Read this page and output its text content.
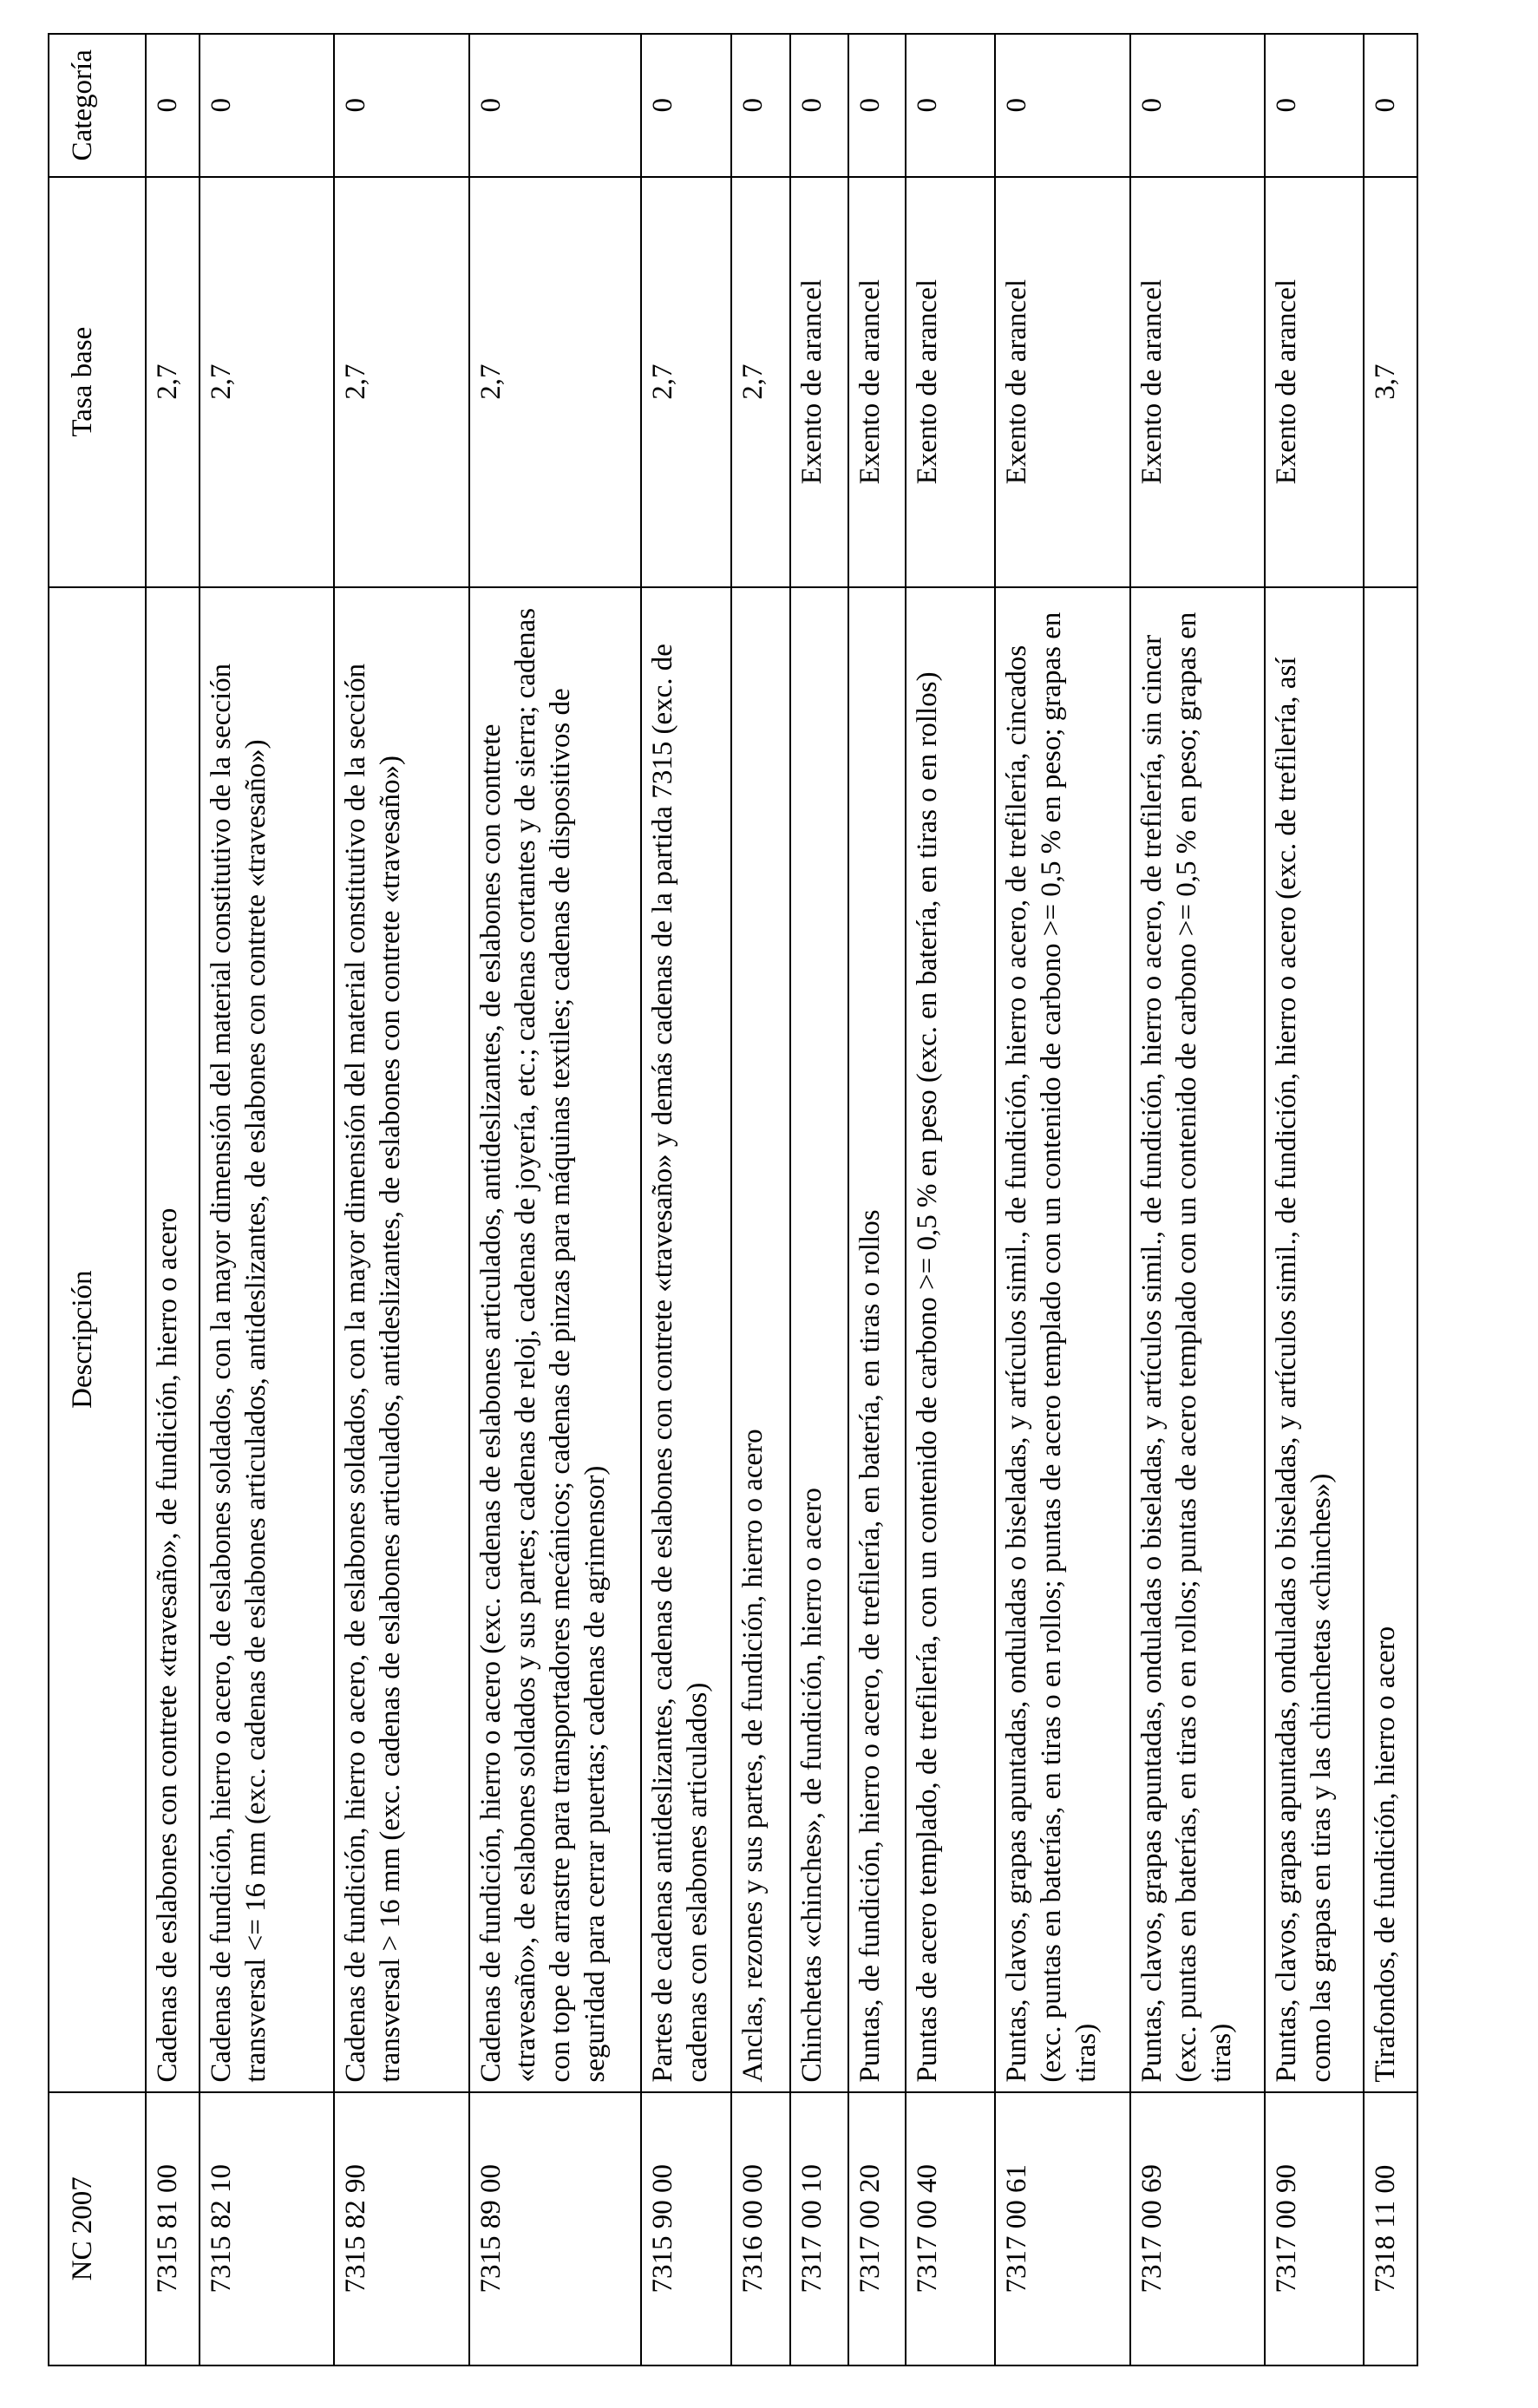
NC 2007	Descripción	Tasa base	Categoría
7315 81 00	Cadenas de eslabones con contrete «travesaño», de fundición, hierro o acero	2,7	0
7315 82 10	Cadenas de fundición, hierro o acero, de eslabones soldados, con la mayor dimensión del material constitutivo de la sección transversal <= 16 mm (exc. cadenas de eslabones articulados, antideslizantes, de eslabones con contrete «travesaño»)	2,7	0
7315 82 90	Cadenas de fundición, hierro o acero, de eslabones soldados, con la mayor dimensión del material constitutivo de la sección transversal > 16 mm (exc. cadenas de eslabones articulados, antideslizantes, de eslabones con contrete «travesaño»)	2,7	0
7315 89 00	Cadenas de fundición, hierro o acero (exc. cadenas de eslabones articulados, antideslizantes, de eslabones con contrete «travesaño», de eslabones soldados y sus partes; cadenas de reloj, cadenas de joyería, etc.; cadenas cortantes y de sierra; cadenas con tope de arrastre para transportadores mecánicos; cadenas de pinzas para máquinas textiles; cadenas de dispositivos de seguridad para cerrar puertas; cadenas de agrimensor)	2,7	0
7315 90 00	Partes de cadenas antideslizantes, cadenas de eslabones con contrete «travesaño» y demás cadenas de la partida 7315 (exc. de cadenas con eslabones articulados)	2,7	0
7316 00 00	Anclas, rezones y sus partes, de fundición, hierro o acero	2,7	0
7317 00 10	Chinchetas «chinches», de fundición, hierro o acero	Exento de arancel	0
7317 00 20	Puntas, de fundición, hierro o acero, de trefilería, en batería, en tiras o rollos	Exento de arancel	0
7317 00 40	Puntas de acero templado, de trefilería, con un contenido de carbono >= 0,5 % en peso (exc. en batería, en tiras o en rollos)	Exento de arancel	0
7317 00 61	Puntas, clavos, grapas apuntadas, onduladas o biseladas, y artículos simil., de fundición, hierro o acero, de trefilería, cincados (exc. puntas en baterías, en tiras o en rollos; puntas de acero templado con un contenido de carbono >= 0,5 % en peso; grapas en tiras)	Exento de arancel	0
7317 00 69	Puntas, clavos, grapas apuntadas, onduladas o biseladas, y artículos simil., de fundición, hierro o acero, de trefilería, sin cincar (exc. puntas en baterías, en tiras o en rollos; puntas de acero templado con un contenido de carbono >= 0,5 % en peso; grapas en tiras)	Exento de arancel	0
7317 00 90	Puntas, clavos, grapas apuntadas, onduladas o biseladas, y artículos simil., de fundición, hierro o acero (exc. de trefilería, así como las grapas en tiras y las chinchetas «chinches»)	Exento de arancel	0
7318 11 00	Tirafondos, de fundición, hierro o acero	3,7	0
